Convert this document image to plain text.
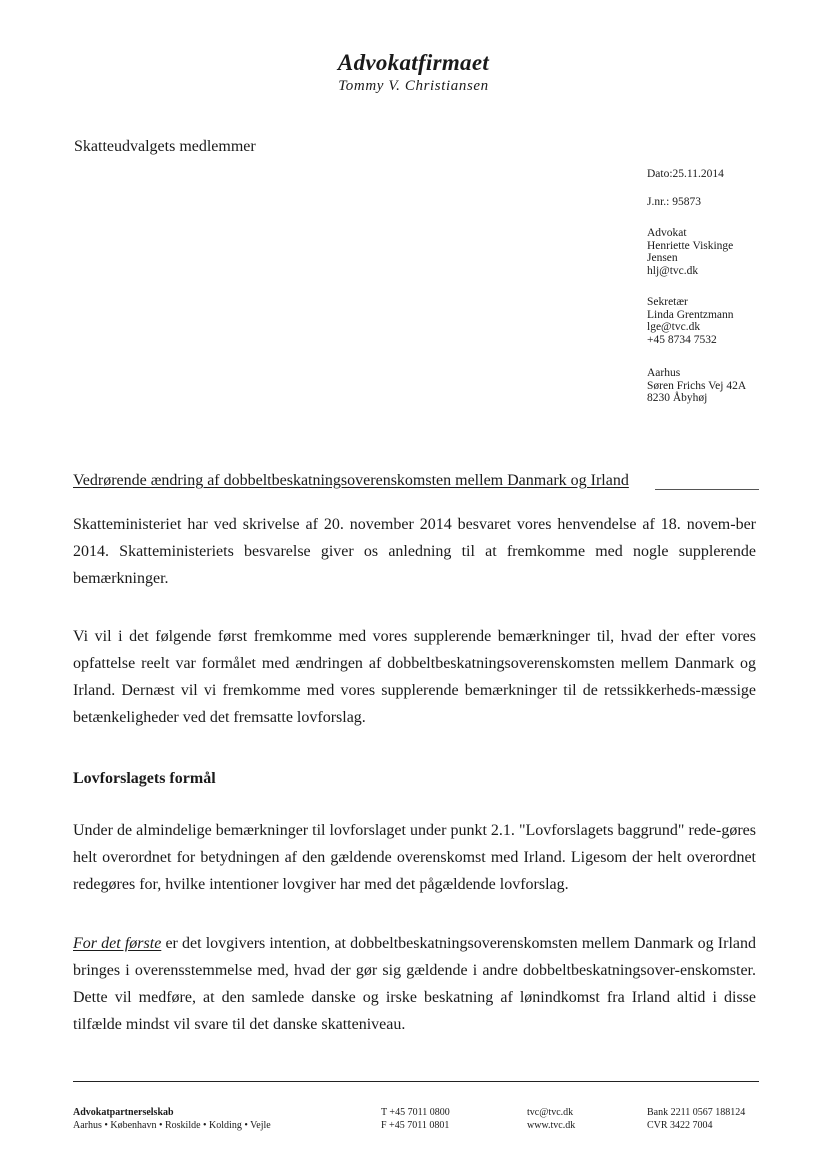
Advokatfirmaet
Tommy V. Christiansen
Skatteudvalgets medlemmer
Dato:25.11.2014
J.nr.: 95873
Advokat
Henriette Viskinge
Jensen
hlj@tvc.dk
Sekretær
Linda Grentzmann
lge@tvc.dk
+45 8734 7532
Aarhus
Søren Frichs Vej 42A
8230 Åbyhøj
Vedrørende ændring af dobbeltbeskatningsoverenskomsten mellem Danmark og Irland

Skatteministeriet har ved skrivelse af 20. november 2014 besvaret vores henvendelse af 18. novem-ber 2014. Skatteministeriets besvarelse giver os anledning til at fremkomme med nogle supplerende bemærkninger.

Vi vil i det følgende først fremkomme med vores supplerende bemærkninger til, hvad der efter vores opfattelse reelt var formålet med ændringen af dobbeltbeskatningsoverenskomsten mellem Danmark og Irland. Dernæst vil vi fremkomme med vores supplerende bemærkninger til de retssikkerheds-mæssige betænkeligheder ved det fremsatte lovforslag.

Lovforslagets formål

Under de almindelige bemærkninger til lovforslaget under punkt 2.1. "Lovforslagets baggrund" rede-gøres helt overordnet for betydningen af den gældende overenskomst med Irland. Ligesom der helt overordnet redegøres for, hvilke intentioner lovgiver har med det pågældende lovforslag.

For det første er det lovgivers intention, at dobbeltbeskatningsoverenskomsten mellem Danmark og Irland bringes i overensstemmelse med, hvad der gør sig gældende i andre dobbeltbeskatningsover-enskomster. Dette vil medføre, at den samlede danske og irske beskatning af lønindkomst fra Irland altid i disse tilfælde mindst vil svare til det danske skatteniveau.

Advokatpartnerselskab
Aarhus • København • Roskilde • Kolding • Vejle
T +45 7011 0800
F +45 7011 0801
tvc@tvc.dk
www.tvc.dk
Bank 2211 0567 188124
CVR 3422 7004
